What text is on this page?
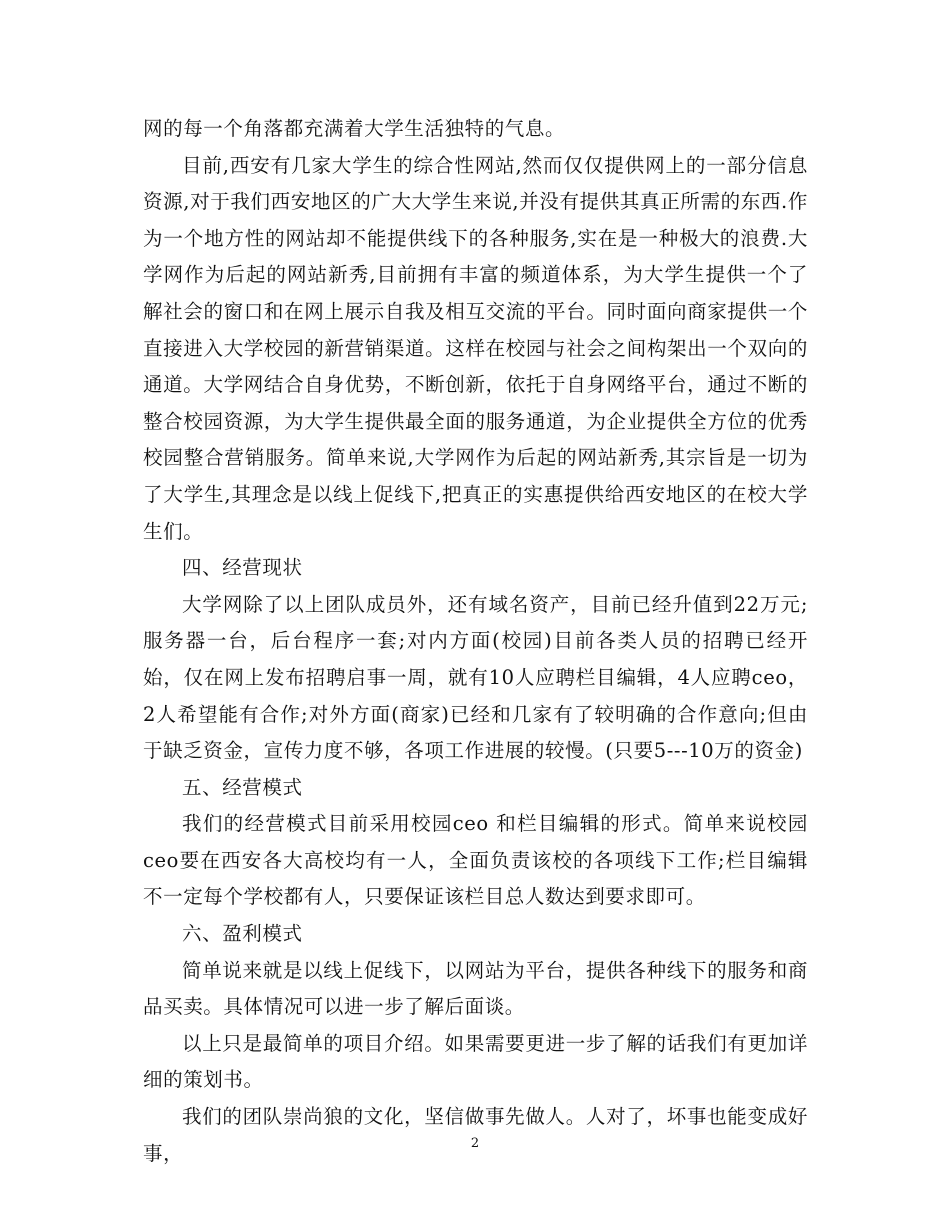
网的每一个角落都充满着大学生活独特的气息。

目前,西安有几家大学生的综合性网站,然而仅仅提供网上的一部分信息资源,对于我们西安地区的广大大学生来说,并没有提供其真正所需的东西.作为一个地方性的网站却不能提供线下的各种服务,实在是一种极大的浪费.大学网作为后起的网站新秀,目前拥有丰富的频道体系，为大学生提供一个了解社会的窗口和在网上展示自我及相互交流的平台。同时面向商家提供一个直接进入大学校园的新营销渠道。这样在校园与社会之间构架出一个双向的通道。大学网结合自身优势，不断创新，依托于自身网络平台，通过不断的整合校园资源，为大学生提供最全面的服务通道，为企业提供全方位的优秀校园整合营销服务。简单来说,大学网作为后起的网站新秀,其宗旨是一切为了大学生,其理念是以线上促线下,把真正的实惠提供给西安地区的在校大学生们。

四、经营现状

大学网除了以上团队成员外，还有域名资产，目前已经升值到22万元;服务器一台，后台程序一套;对内方面(校园)目前各类人员的招聘已经开始，仅在网上发布招聘启事一周，就有10人应聘栏目编辑，4人应聘ceo，2人希望能有合作;对外方面(商家)已经和几家有了较明确的合作意向;但由于缺乏资金，宣传力度不够，各项工作进展的较慢。(只要5---10万的资金)

五、经营模式

我们的经营模式目前采用校园ceo 和栏目编辑的形式。简单来说校园ceo要在西安各大高校均有一人，全面负责该校的各项线下工作;栏目编辑不一定每个学校都有人，只要保证该栏目总人数达到要求即可。

六、盈利模式

简单说来就是以线上促线下，以网站为平台，提供各种线下的服务和商品买卖。具体情况可以进一步了解后面谈。

以上只是最简单的项目介绍。如果需要更进一步了解的话我们有更加详细的策划书。

我们的团队崇尚狼的文化，坚信做事先做人。人对了，坏事也能变成好事，	2
